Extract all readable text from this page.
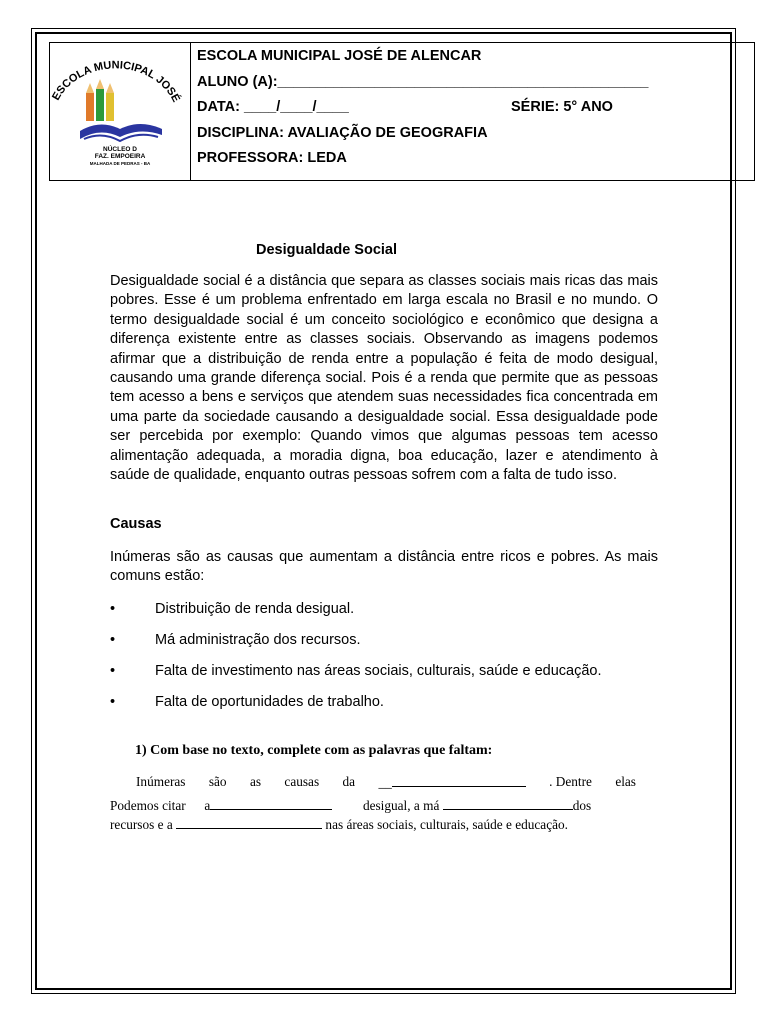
ESCOLA MUNICIPAL JOSÉ
NÚCLEO D
FAZ. EMPOEIRA
MALHADA DE PEDRAS - BA
ESCOLA MUNICIPAL JOSÉ DE ALENCAR
ALUNO (A):______________________________________________
DATA: ____/____/____	SÉRIE: 5° ANO
DISCIPLINA: AVALIAÇÃO DE GEOGRAFIA
PROFESSORA: LEDA
Desigualdade Social
Desigualdade social é a distância que separa as classes sociais mais ricas das mais pobres. Esse é um problema enfrentado em larga escala no Brasil e no mundo. O termo desigualdade social é um conceito sociológico e econômico que designa a diferença existente entre as classes sociais. Observando as imagens podemos afirmar que a distribuição de renda entre a população é feita de modo desigual, causando uma grande diferença social. Pois é a renda que permite que as pessoas tem acesso a bens e serviços que atendem suas necessidades fica concentrada em uma parte da sociedade causando a desigualdade social. Essa desigualdade pode ser percebida por exemplo: Quando vimos que algumas pessoas tem acesso alimentação adequada, a moradia digna, boa educação, lazer e atendimento à saúde de qualidade, enquanto outras pessoas sofrem com a falta de tudo isso.
Causas
Inúmeras são as causas que aumentam a distância entre ricos e pobres. As mais comuns estão:
•	Distribuição de renda desigual.
•	Má administração dos recursos.
•	Falta de investimento nas áreas sociais, culturais, saúde e educação.
•	Falta de oportunidades de trabalho.
1) Com base no texto, complete com as palavras que faltam:
Inúmeras são as causas da __	. Dentre elas
Podemos citar a	desigual, a má	dos
recursos e a	nas áreas sociais, culturais, saúde e educação.
